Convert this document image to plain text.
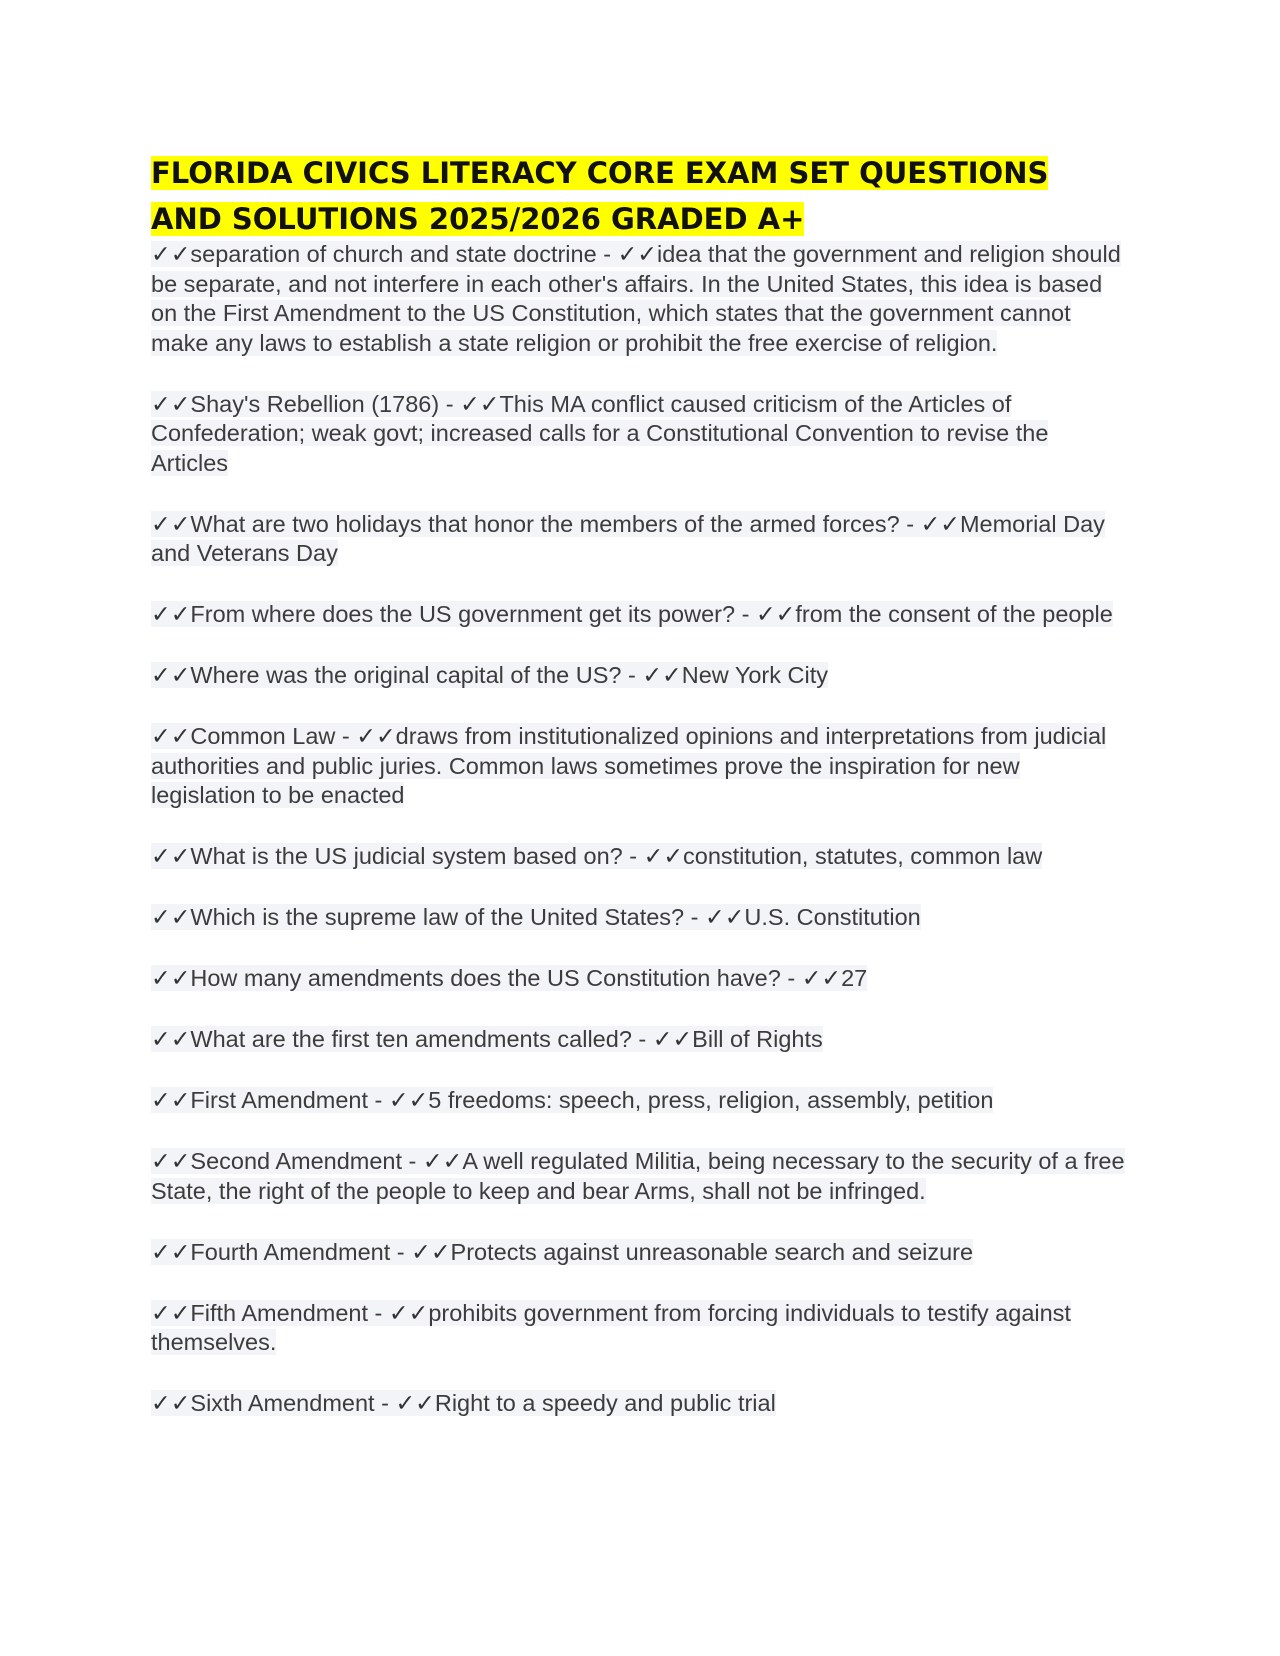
FLORIDA CIVICS LITERACY CORE EXAM SET QUESTIONS
AND SOLUTIONS 2025/2026 GRADED A+

✓✓separation of church and state doctrine - ✓✓idea that the government and religion should be separate, and not interfere in each other's affairs. In the United States, this idea is based on the First Amendment to the US Constitution, which states that the government cannot make any laws to establish a state religion or prohibit the free exercise of religion.

✓✓Shay's Rebellion (1786) - ✓✓This MA conflict caused criticism of the Articles of Confederation; weak govt; increased calls for a Constitutional Convention to revise the Articles

✓✓What are two holidays that honor the members of the armed forces? - ✓✓Memorial Day and Veterans Day

✓✓From where does the US government get its power? - ✓✓from the consent of the people

✓✓Where was the original capital of the US? - ✓✓New York City

✓✓Common Law - ✓✓draws from institutionalized opinions and interpretations from judicial authorities and public juries. Common laws sometimes prove the inspiration for new legislation to be enacted

✓✓What is the US judicial system based on? - ✓✓constitution, statutes, common law

✓✓Which is the supreme law of the United States? - ✓✓U.S. Constitution

✓✓How many amendments does the US Constitution have? - ✓✓27

✓✓What are the first ten amendments called? - ✓✓Bill of Rights

✓✓First Amendment - ✓✓5 freedoms: speech, press, religion, assembly, petition

✓✓Second Amendment - ✓✓A well regulated Militia, being necessary to the security of a free State, the right of the people to keep and bear Arms, shall not be infringed.

✓✓Fourth Amendment - ✓✓Protects against unreasonable search and seizure

✓✓Fifth Amendment - ✓✓prohibits government from forcing individuals to testify against themselves.

✓✓Sixth Amendment - ✓✓Right to a speedy and public trial
